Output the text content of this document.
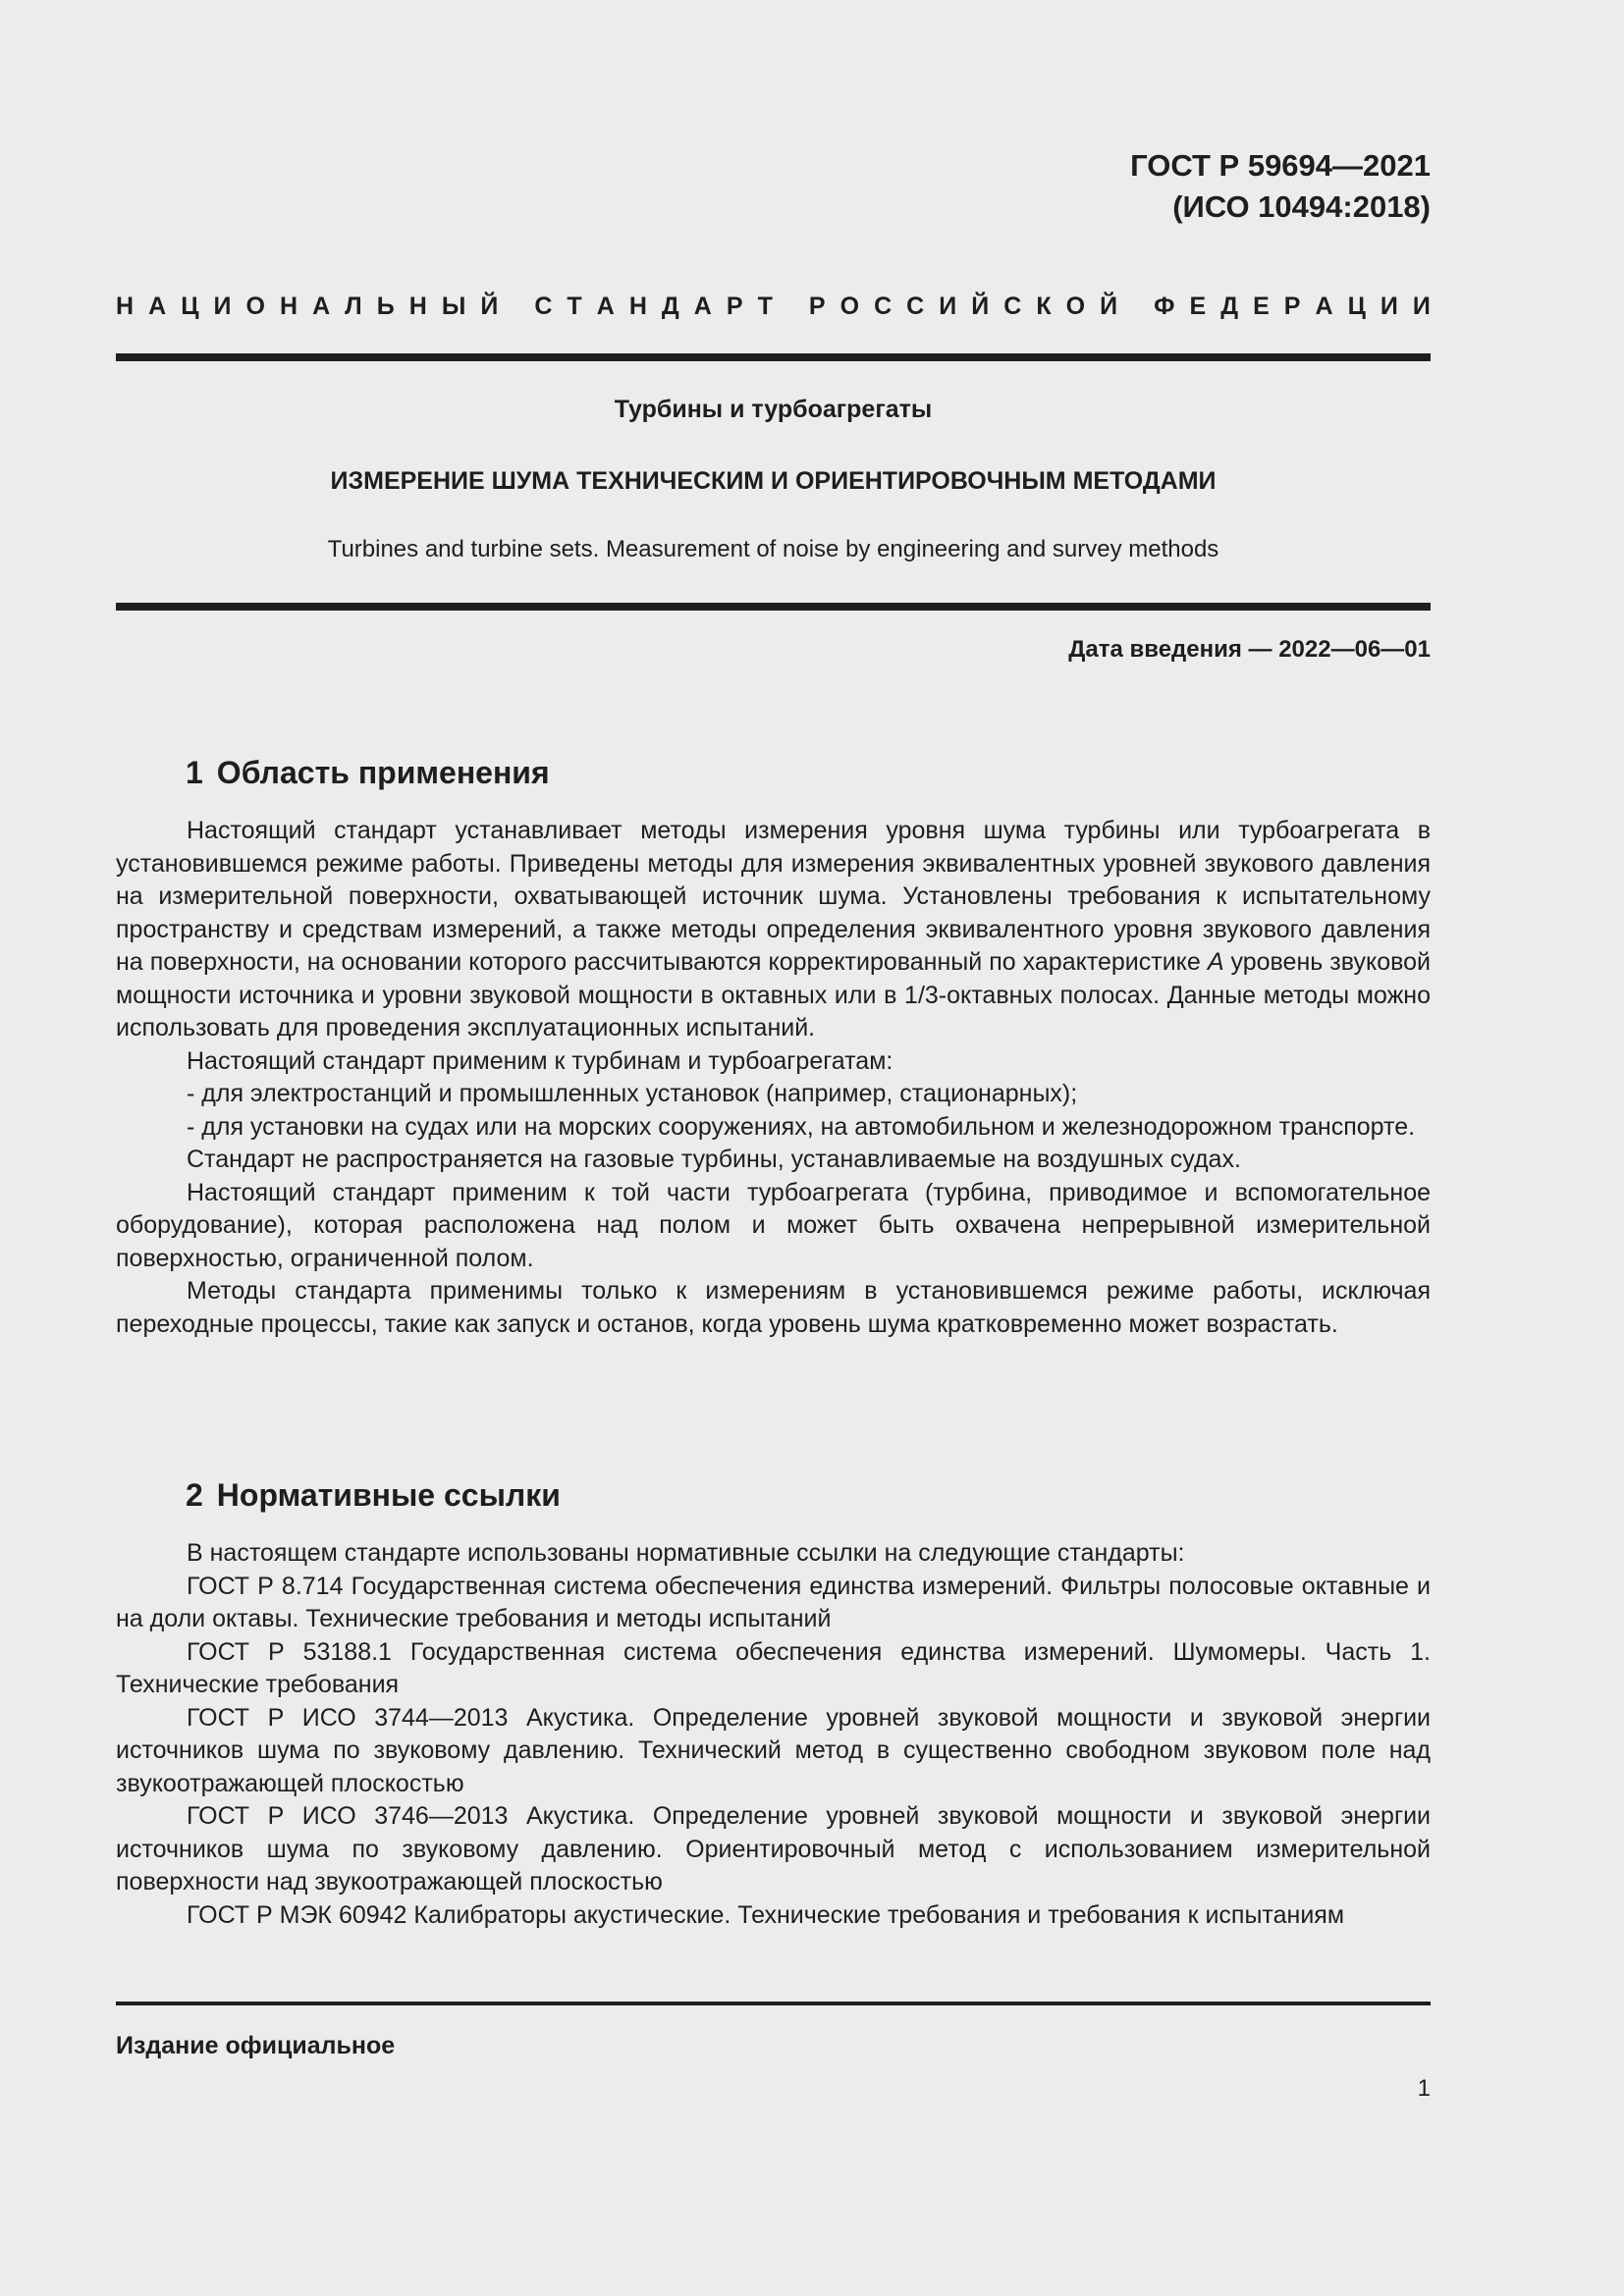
ГОСТ Р 59694—2021
(ИСО 10494:2018)
Н А Ц И О Н А Л Ь Н Ы Й
С Т А Н Д А Р Т
Р О С С И Й С К О Й
Ф Е Д Е Р А Ц И И
Турбины и турбоагрегаты
ИЗМЕРЕНИЕ ШУМА ТЕХНИЧЕСКИМ И ОРИЕНТИРОВОЧНЫМ МЕТОДАМИ
Turbines and turbine sets. Measurement of noise by engineering and survey methods
Дата введения — 2022—06—01
1 Область применения

Настоящий стандарт устанавливает методы измерения уровня шума турбины или турбоагрегата в установившемся режиме работы. Приведены методы для измерения эквивалентных уровней звукового давления на измерительной поверхности, охватывающей источник шума. Установлены требования к испытательному пространству и средствам измерений, а также методы определения эквивалентного уровня звукового давления на поверхности, на основании которого рассчитываются корректированный по характеристике А уровень звуковой мощности источника и уровни звуковой мощности в октавных или в 1/3-октавных полосах. Данные методы можно использовать для проведения эксплуатационных испытаний.

Настоящий стандарт применим к турбинам и турбоагрегатам:

- для электростанций и промышленных установок (например, стационарных);

- для установки на судах или на морских сооружениях, на автомобильном и железнодорожном транспорте.

Стандарт не распространяется на газовые турбины, устанавливаемые на воздушных судах.

Настоящий стандарт применим к той части турбоагрегата (турбина, приводимое и вспомогательное оборудование), которая расположена над полом и может быть охвачена непрерывной измерительной поверхностью, ограниченной полом.

Методы стандарта применимы только к измерениям в установившемся режиме работы, исключая переходные процессы, такие как запуск и останов, когда уровень шума кратковременно может возрастать.

2 Нормативные ссылки

В настоящем стандарте использованы нормативные ссылки на следующие стандарты:

ГОСТ Р 8.714 Государственная система обеспечения единства измерений. Фильтры полосовые октавные и на доли октавы. Технические требования и методы испытаний

ГОСТ Р 53188.1 Государственная система обеспечения единства измерений. Шумомеры. Часть 1. Технические требования

ГОСТ Р ИСО 3744—2013 Акустика. Определение уровней звуковой мощности и звуковой энергии источников шума по звуковому давлению. Технический метод в существенно свободном звуковом поле над звукоотражающей плоскостью

ГОСТ Р ИСО 3746—2013 Акустика. Определение уровней звуковой мощности и звуковой энергии источников шума по звуковому давлению. Ориентировочный метод с использованием измерительной поверхности над звукоотражающей плоскостью

ГОСТ Р МЭК 60942 Калибраторы акустические. Технические требования и требования к испытаниям

Издание официальное
1
